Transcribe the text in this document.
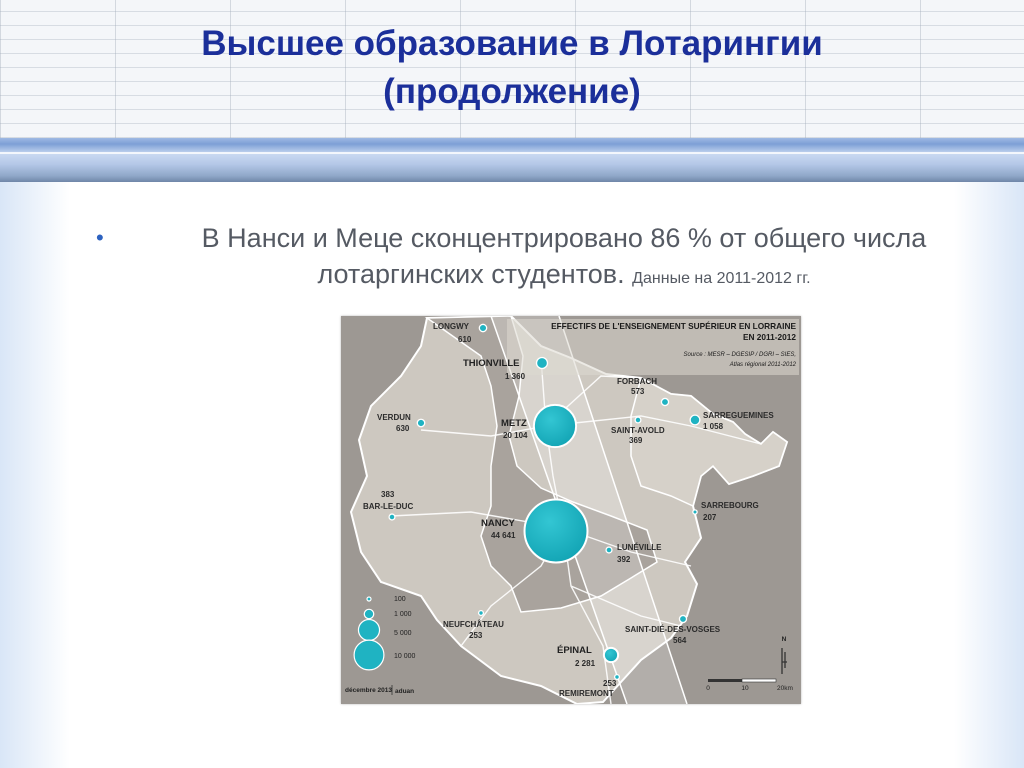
Высшее образование в Лотарингии
(продолжение)
•	В Нанси и Меце сконцентрировано 86 % от общего числа
лотаргинских студентов. Данные на 2011-2012 гг.
EFFECTIFS DE L'ENSEIGNEMENT SUPÉRIEUR EN LORRAINE
EN 2011-2012
Source : MESR – DGESIP / DGRI – SIES,
Atlas régional 2011-2012
LONGWY
610
THIONVILLE
1 360
FORBACH
573
VERDUN
630	METZ
20 104
SAINT-AVOLD
369
SARREGUEMINES
1 058
383
BAR-LE-DUC
NANCY
44 641
SARREBOURG
207
LUNÉVILLE
392
NEUFCHÂTEAU
253
SAINT-DIÉ-DES-VOSGES
564
ÉPINAL
2 281
253
REMIREMONT
100
1 000
5 000
10 000
N
0	10	20km
décembre 2013 aduan
